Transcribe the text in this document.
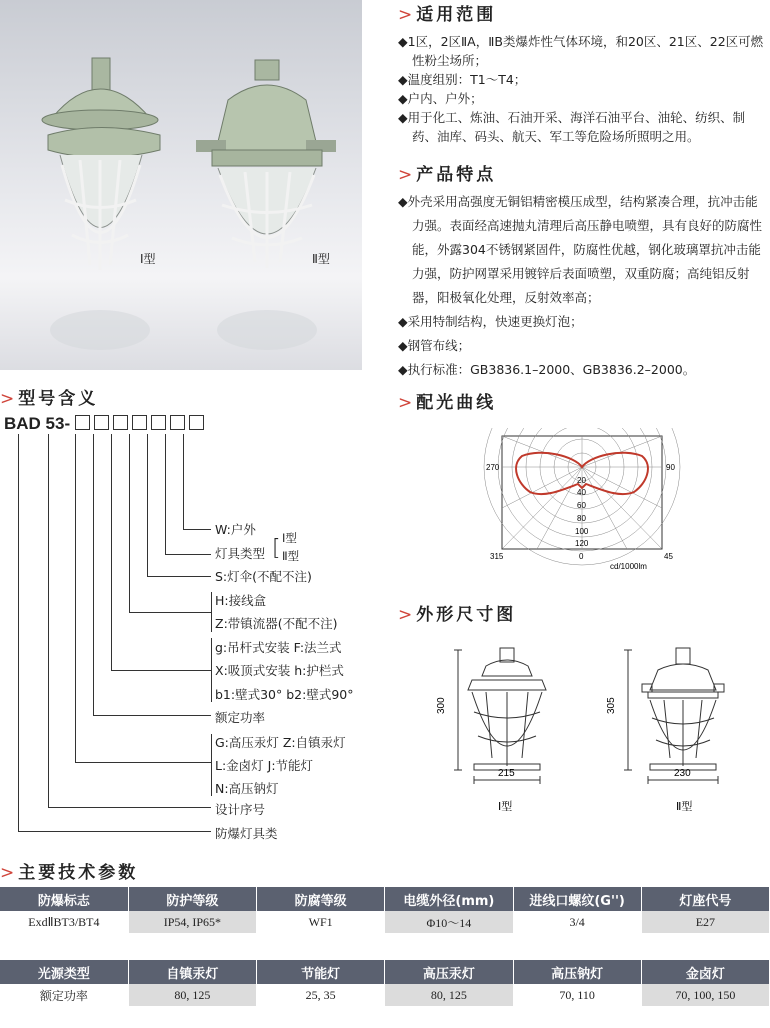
Ⅰ型	Ⅱ型
> 适用范围
◆1区，2区ⅡA，ⅡB类爆炸性气体环境，和20区、21区、22区可燃性粉尘场所；
◆温度组别：T1～T4；
◆户内、户外；
◆用于化工、炼油、石油开采、海洋石油平台、油轮、纺织、制药、油库、码头、航天、军工等危险场所照明之用。
> 产品特点
◆外壳采用高强度无铜铝精密模压成型，结构紧凑合理，抗冲击能力强。表面经高速抛丸清理后高压静电喷塑，具有良好的防腐性能，外露304不锈钢紧固件，防腐性优越，钢化玻璃罩抗冲击能力强，防护网罩采用镀锌后表面喷塑，双重防腐；高纯铝反射器，阳极氧化处理，反射效率高；
◆采用特制结构，快速更换灯泡；
◆钢管布线；
◆执行标准：GB3836.1–2000、GB3836.2–2000。
> 型号含义
BAD 53-
W:户外
灯具类型 [ Ⅰ型
Ⅱ型
S:灯伞(不配不注)
H:接线盒
Z:带镇流器(不配不注)
g:吊杆式安装 F:法兰式
X:吸顶式安装 h:护栏式
b1:壁式30° b2:壁式90°
额定功率
G:高压汞灯 Z:自镇汞灯
L:金卤灯 J:节能灯
N:高压钠灯
设计序号
防爆灯具类
> 配光曲线
270	90
315	0	45
20
40
60
80
100
120
cd/1000lm
> 外形尺寸图
300
215
305
230
Ⅰ型	Ⅱ型
> 主要技术参数
防爆标志	防护等级	防腐等级	电缆外径(mm)	进线口螺纹(G'')	灯座代号
ExdⅡBT3/BT4	IP54, IP65*	WF1	Φ10～14	3/4	E27
光源类型	自镇汞灯	节能灯	高压汞灯	高压钠灯	金卤灯
额定功率	80, 125	25, 35	80, 125	70, 110	70, 100, 150
